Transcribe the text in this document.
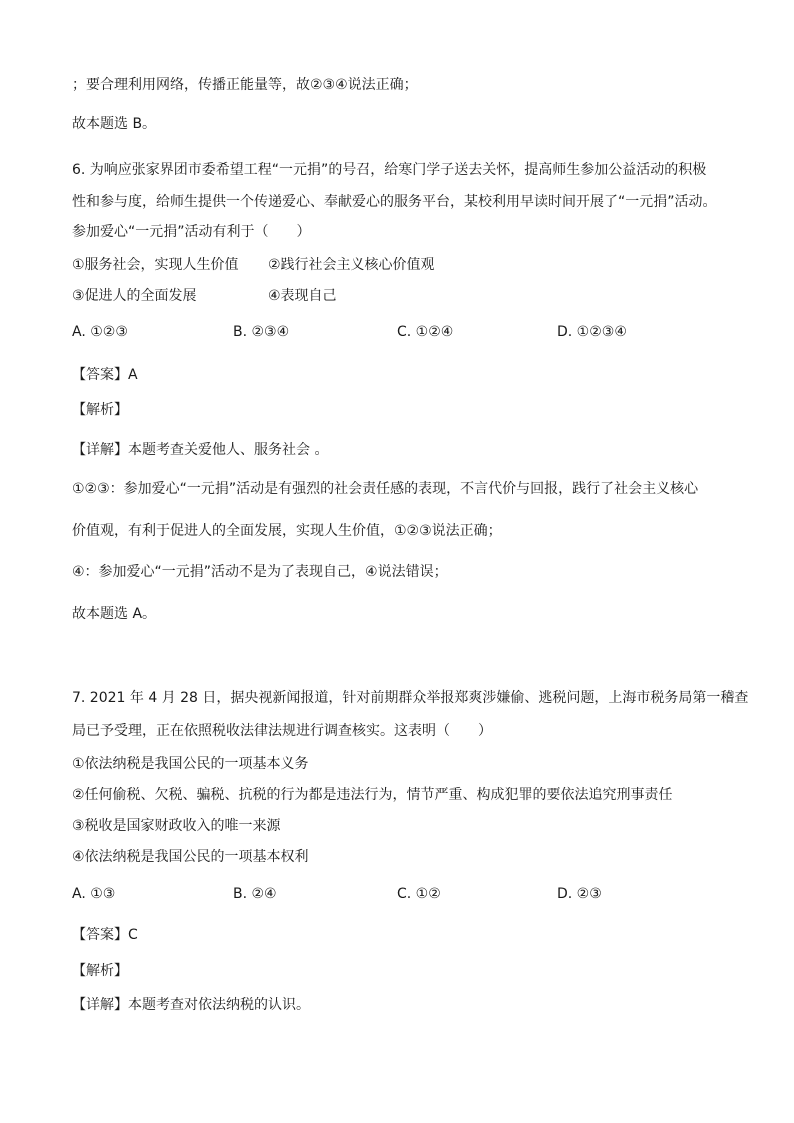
；要合理利用网络，传播正能量等，故②③④说法正确；
故本题选 B。
6. 为响应张家界团市委希望工程“一元捐”的号召，给寒门学子送去关怀，提高师生参加公益活动的积极
性和参与度，给师生提供一个传递爱心、奉献爱心的服务平台，某校利用早读时间开展了“一元捐”活动。
参加爱心“一元捐”活动有利于（　　）
①服务社会，实现人生价值 ②践行社会主义核心价值观
③促进人的全面发展	④表现自己
A. ①②③	B. ②③④	C. ①②④	D. ①②③④
【答案】A
【解析】
【详解】本题考查关爱他人、服务社会 。
①②③：参加爱心“一元捐”活动是有强烈的社会责任感的表现，不言代价与回报，践行了社会主义核心
价值观，有利于促进人的全面发展，实现人生价值，①②③说法正确；
④：参加爱心“一元捐”活动不是为了表现自己，④说法错误；
故本题选 A。
7. 2021 年 4 月 28 日，据央视新闻报道，针对前期群众举报郑爽涉嫌偷、逃税问题，上海市税务局第一稽查
局已予受理，正在依照税收法律法规进行调查核实。这表明（　　）
①依法纳税是我国公民的一项基本义务
②任何偷税、欠税、骗税、抗税的行为都是违法行为，情节严重、构成犯罪的要依法追究刑事责任
③税收是国家财政收入的唯一来源
④依法纳税是我国公民的一项基本权利
A. ①③	B. ②④	C. ①②	D. ②③
【答案】C
【解析】
【详解】本题考查对依法纳税的认识。
